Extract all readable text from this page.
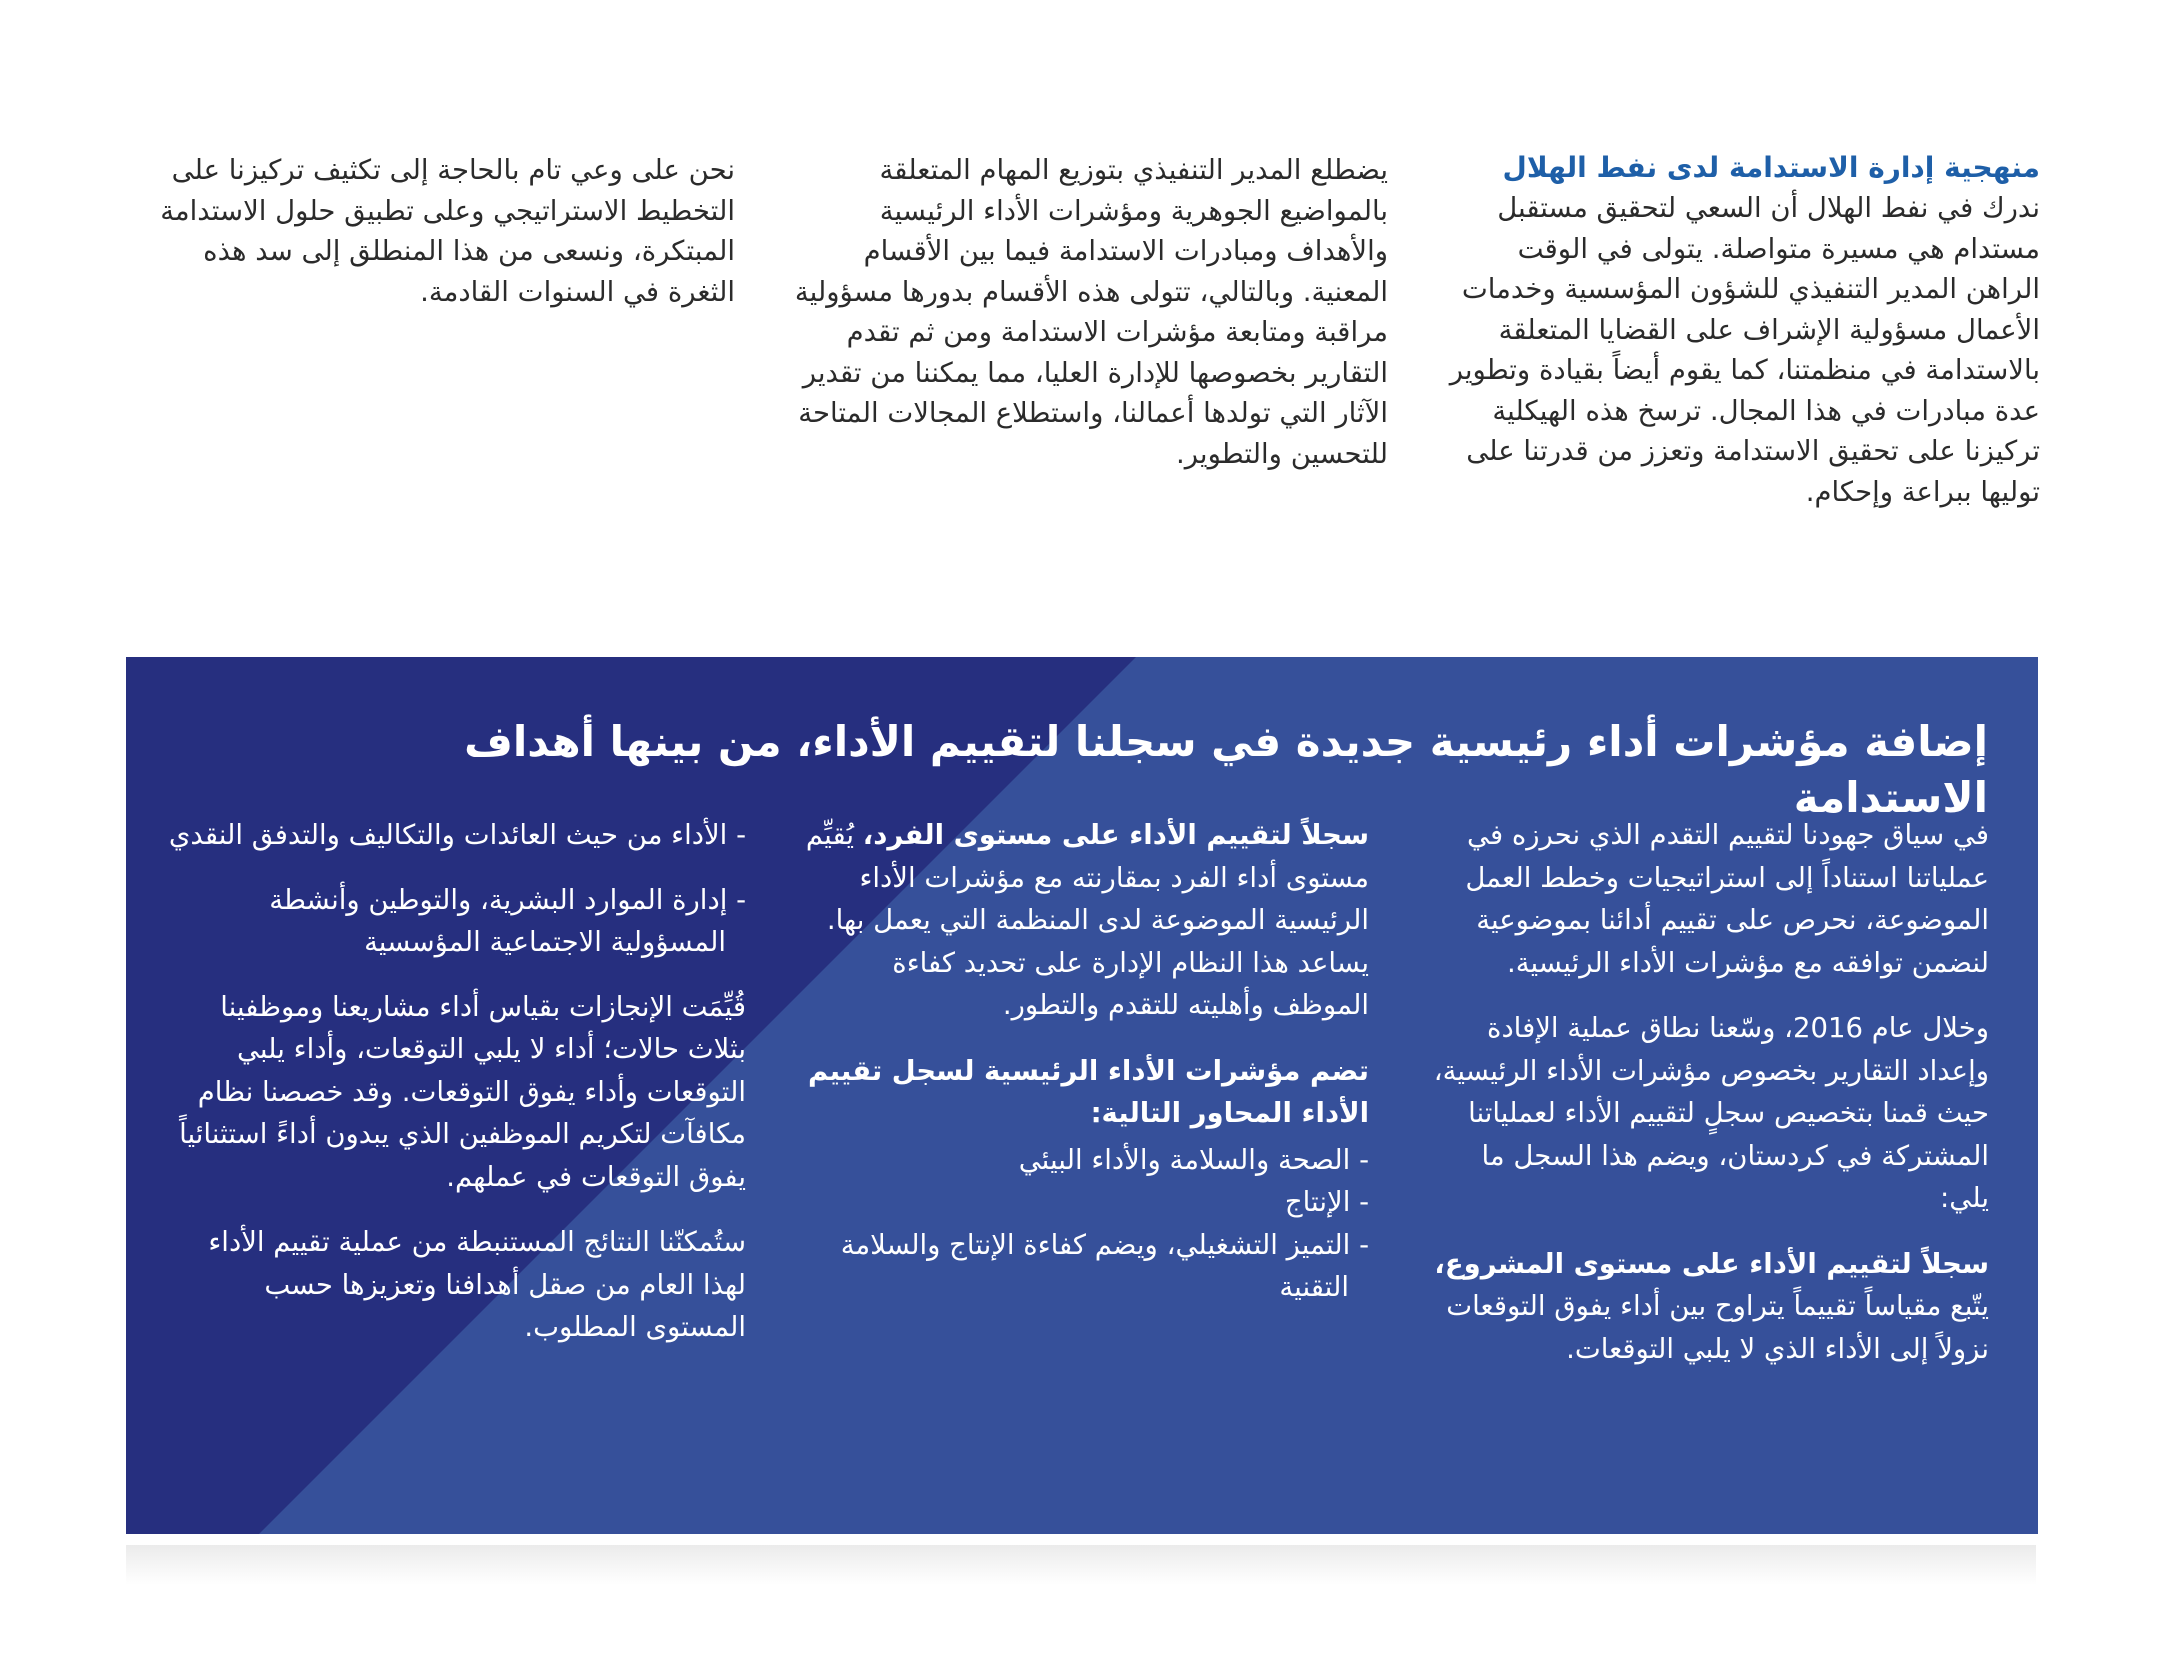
منهجية إدارة الاستدامة لدى نفط الهلال
ندرك في نفط الهلال أن السعي لتحقيق مستقبل مستدام هي مسيرة متواصلة. يتولى في الوقت الراهن المدير التنفيذي للشؤون المؤسسية وخدمات الأعمال مسؤولية الإشراف على القضايا المتعلقة بالاستدامة في منظمتنا، كما يقوم أيضاً بقيادة وتطوير عدة مبادرات في هذا المجال. ترسخ هذه الهيكلية تركيزنا على تحقيق الاستدامة وتعزز من قدرتنا على توليها ببراعة وإحكام.
يضطلع المدير التنفيذي بتوزيع المهام المتعلقة بالمواضيع الجوهرية ومؤشرات الأداء الرئيسية والأهداف ومبادرات الاستدامة فيما بين الأقسام المعنية. وبالتالي، تتولى هذه الأقسام بدورها مسؤولية مراقبة ومتابعة مؤشرات الاستدامة ومن ثم تقدم التقارير بخصوصها للإدارة العليا، مما يمكننا من تقدير الآثار التي تولدها أعمالنا، واستطلاع المجالات المتاحة للتحسين والتطوير.
نحن على وعي تام بالحاجة إلى تكثيف تركيزنا على التخطيط الاستراتيجي وعلى تطبيق حلول الاستدامة المبتكرة، ونسعى من هذا المنطلق إلى سد هذه الثغرة في السنوات القادمة.
إضافة مؤشرات أداء رئيسية جديدة في سجلنا لتقييم الأداء، من بينها أهداف الاستدامة
في سياق جهودنا لتقييم التقدم الذي نحرزه في عملياتنا استناداً إلى استراتيجيات وخطط العمل الموضوعة، نحرص على تقييم أدائنا بموضوعية لنضمن توافقه مع مؤشرات الأداء الرئيسية.
وخلال عام 2016، وسّعنا نطاق عملية الإفادة وإعداد التقارير بخصوص مؤشرات الأداء الرئيسية، حيث قمنا بتخصيص سجلٍ لتقييم الأداء لعملياتنا المشتركة في كردستان، ويضم هذا السجل ما يلي:
سجلاً لتقييم الأداء على مستوى المشروع، يتّبع مقياساً تقييماً يتراوح بين أداء يفوق التوقعات نزولاً إلى الأداء الذي لا يلبي التوقعات.
سجلاً لتقييم الأداء على مستوى الفرد، يُقيِّم مستوى أداء الفرد بمقارنته مع مؤشرات الأداء الرئيسية الموضوعة لدى المنظمة التي يعمل بها. يساعد هذا النظام الإدارة على تحديد كفاءة الموظف وأهليته للتقدم والتطور.
تضم مؤشرات الأداء الرئيسية لسجل تقييم الأداء المحاور التالية:
- الصحة والسلامة والأداء البيئي
- الإنتاج
- التميز التشغيلي، ويضم كفاءة الإنتاج والسلامة التقنية
- الأداء من حيث العائدات والتكاليف والتدفق النقدي
- إدارة الموارد البشرية، والتوطين وأنشطة المسؤولية الاجتماعية المؤسسية
قُيِّمَت الإنجازات بقياس أداء مشاريعنا وموظفينا بثلاث حالات؛ أداء لا يلبي التوقعات، وأداء يلبي التوقعات وأداء يفوق التوقعات. وقد خصصنا نظام مكافآت لتكريم الموظفين الذي يبدون أداءً استثنائياً يفوق التوقعات في عملهم.
ستُمكنّنا النتائج المستنبطة من عملية تقييم الأداء لهذا العام من صقل أهدافنا وتعزيزها حسب المستوى المطلوب.
